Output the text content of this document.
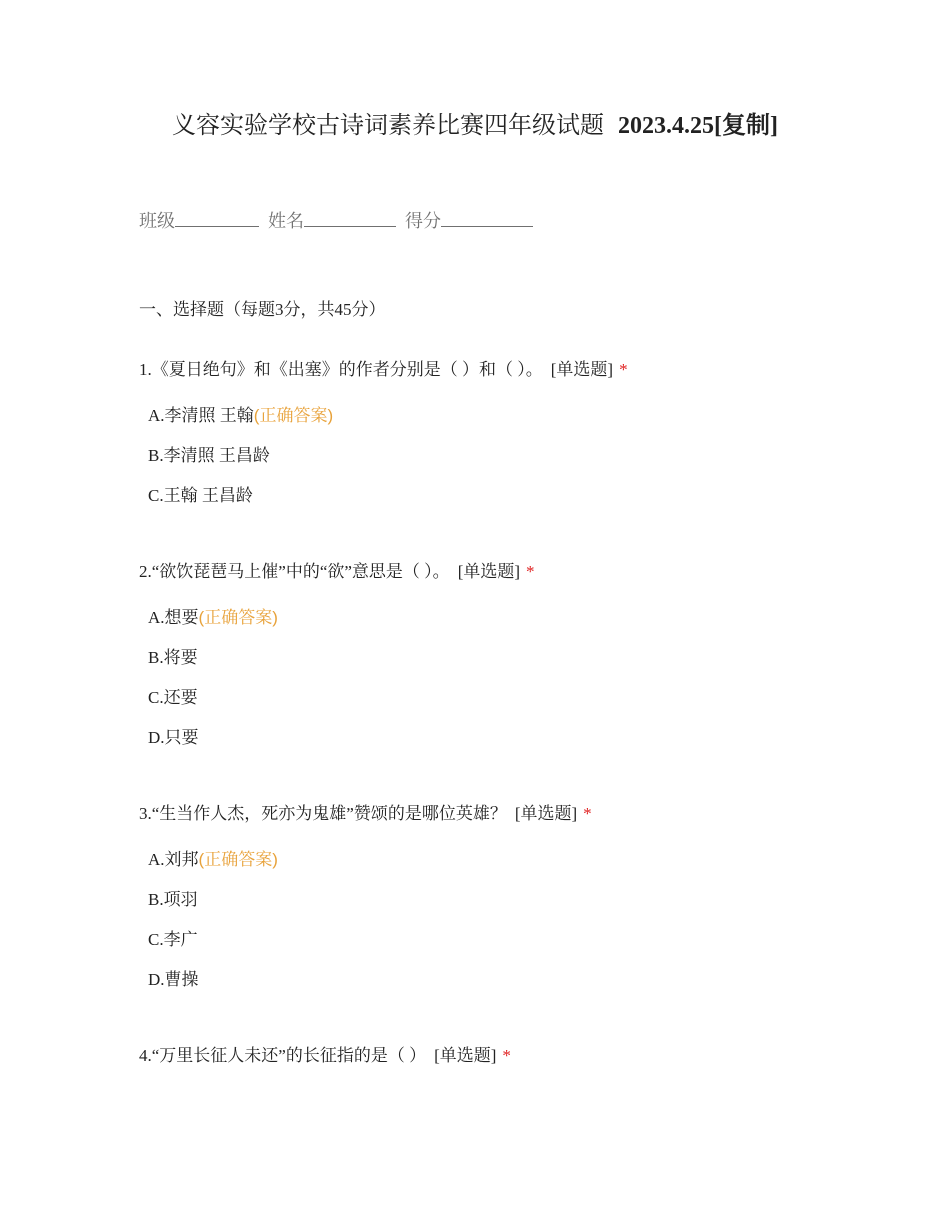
义容实验学校古诗词素养比赛四年级试题 2023.4.25[复制]
班级	姓名	得分
一、选择题（每题3分，共45分）
1.《夏日绝句》和《出塞》的作者分别是（ ）和（ ）。 [单选题] *
A.李清照 王翰(正确答案)
B.李清照 王昌龄
C.王翰 王昌龄
2.“欲饮琵琶马上催”中的“欲”意思是（ ）。 [单选题] *
A.想要(正确答案)
B.将要
C.还要
D.只要
3.“生当作人杰，死亦为鬼雄”赞颂的是哪位英雄？ [单选题] *
A.刘邦(正确答案)
B.项羽
C.李广
D.曹操
4.“万里长征人未还”的长征指的是（ ） [单选题] *
